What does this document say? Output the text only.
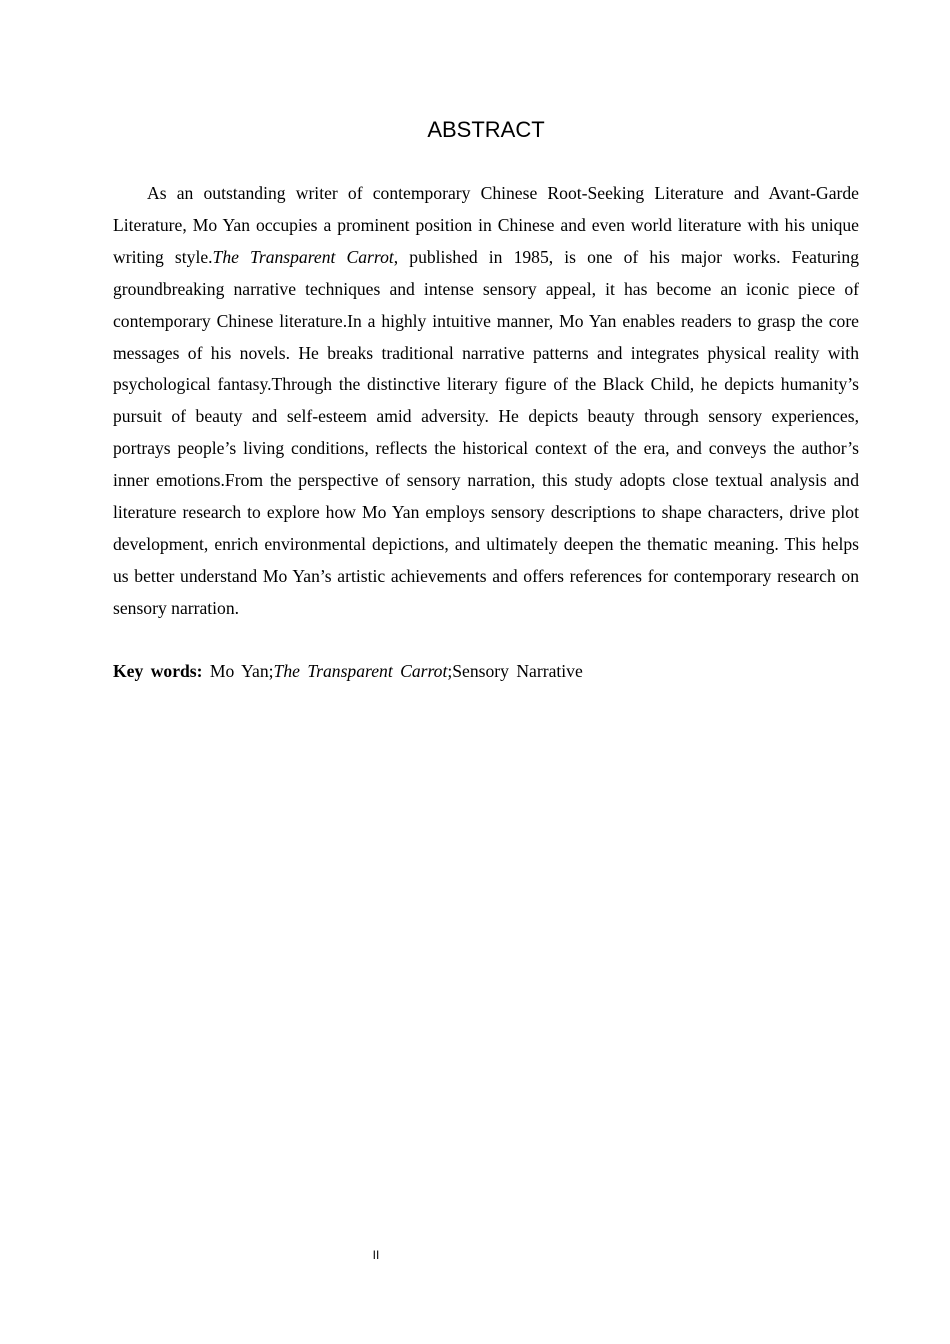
ABSTRACT

As an outstanding writer of contemporary Chinese Root-Seeking Literature and Avant-Garde Literature, Mo Yan occupies a prominent position in Chinese and even world literature with his unique writing style.The Transparent Carrot, published in 1985, is one of his major works. Featuring groundbreaking narrative techniques and intense sensory appeal, it has become an iconic piece of contemporary Chinese literature.In a highly intuitive manner, Mo Yan enables readers to grasp the core messages of his novels. He breaks traditional narrative patterns and integrates physical reality with psychological fantasy.Through the distinctive literary figure of the Black Child, he depicts humanity’s pursuit of beauty and self-esteem amid adversity. He depicts beauty through sensory experiences, portrays people’s living conditions, reflects the historical context of the era, and conveys the author’s inner emotions.From the perspective of sensory narration, this study adopts close textual analysis and literature research to explore how Mo Yan employs sensory descriptions to shape characters, drive plot development, enrich environmental depictions, and ultimately deepen the thematic meaning. This helps us better understand Mo Yan’s artistic achievements and offers references for contemporary research on sensory narration.

Key words: Mo Yan;The Transparent Carrot;Sensory Narrative

II
